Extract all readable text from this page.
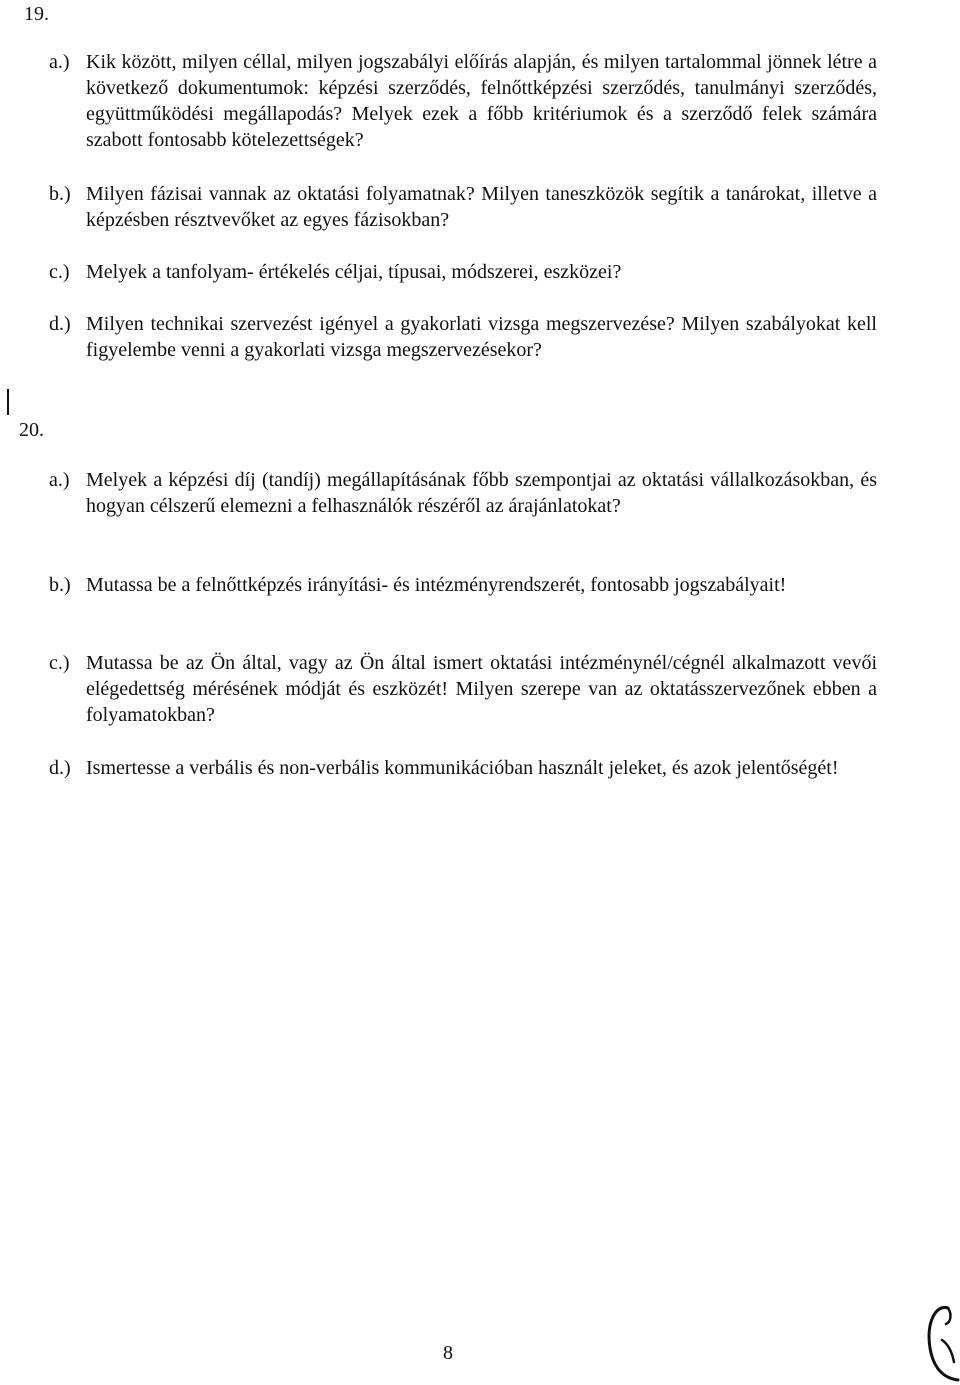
19.
a.) Kik között, milyen céllal, milyen jogszabályi előírás alapján, és milyen tartalommal jönnek létre a következő dokumentumok: képzési szerződés, felnőttképzési szerződés, tanulmányi szerződés, együttműködési megállapodás? Melyek ezek a főbb kritériumok és a szerződő felek számára szabott fontosabb kötelezettségek?

b.) Milyen fázisai vannak az oktatási folyamatnak? Milyen taneszközök segítik a tanárokat, illetve a képzésben résztvevőket az egyes fázisokban?

c.) Melyek a tanfolyam- értékelés céljai, típusai, módszerei, eszközei?

d.) Milyen technikai szervezést igényel a gyakorlati vizsga megszervezése? Milyen szabályokat kell figyelembe venni a gyakorlati vizsga megszervezésekor?

20.
a.) Melyek a képzési díj (tandíj) megállapításának főbb szempontjai az oktatási vállalkozásokban, és hogyan célszerű elemezni a felhasználók részéről az árajánlatokat?

b.) Mutassa be a felnőttképzés irányítási- és intézményrendszerét, fontosabb jogszabályait!

c.) Mutassa be az Ön által, vagy az Ön által ismert oktatási intézménynél/cégnél alkalmazott vevői elégedettség mérésének módját és eszközét! Milyen szerepe van az oktatásszervezőnek ebben a folyamatokban?

d.) Ismertesse a verbális és non-verbális kommunikációban használt jeleket, és azok jelentőségét!

8
